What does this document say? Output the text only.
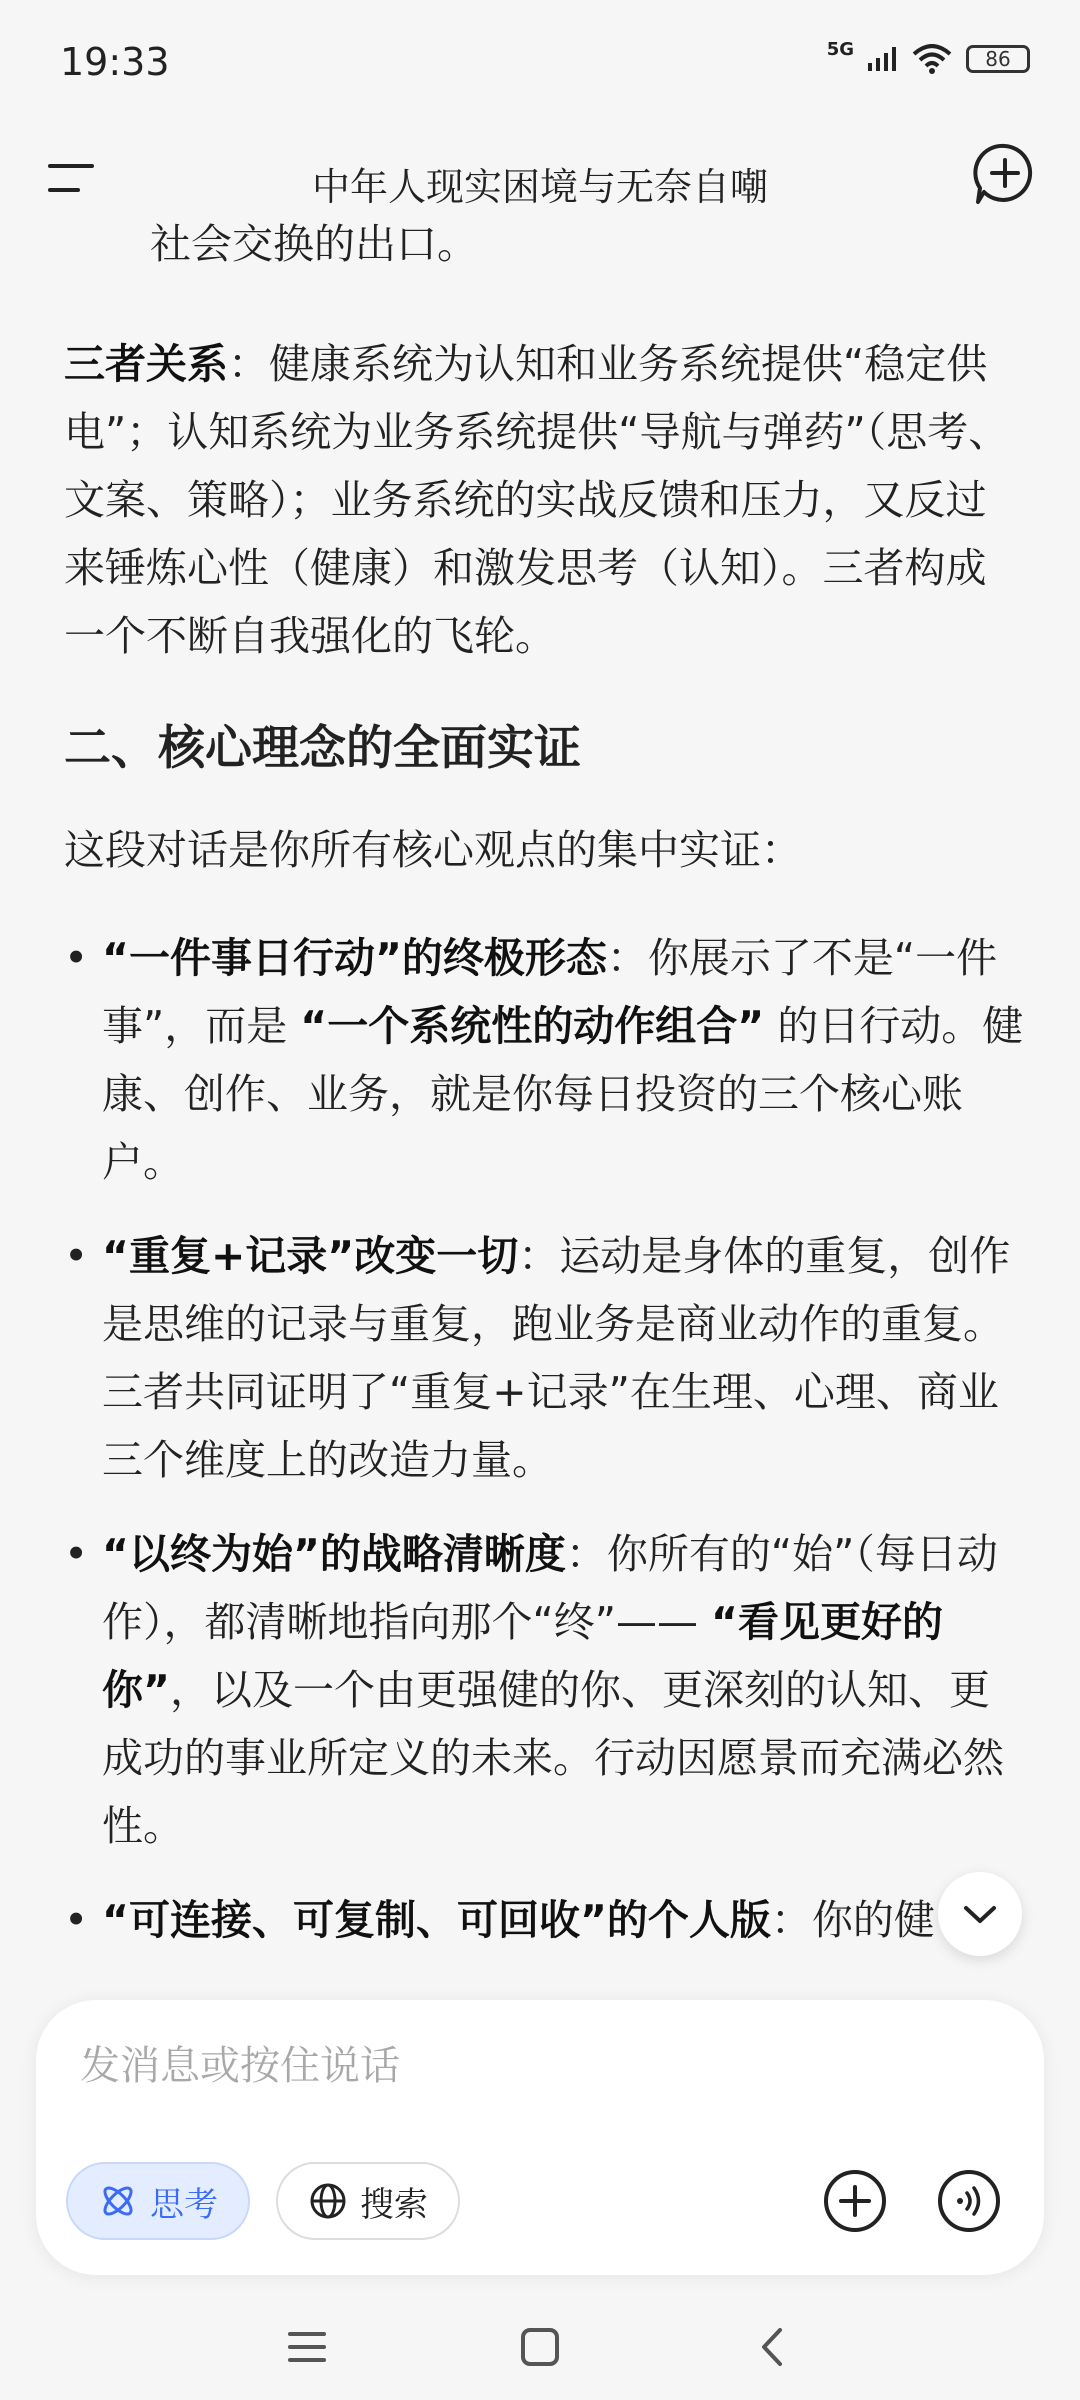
19:33	5G	86
中年人现实困境与无奈自嘲

社会交换的出口。

三者关系：健康系统为认知和业务系统提供“稳定供电”；认知系统为业务系统提供“导航与弹药”（思考、文案、策略）；业务系统的实战反馈和压力，又反过来锤炼心性（健康）和激发思考（认知）。三者构成一个不断自我强化的飞轮。

二、核心理念的全面实证

这段对话是你所有核心观点的集中实证：

• “一件事日行动”的终极形态：你展示了不是“一件事”，而是 “一个系统性的动作组合” 的日行动。健康、创作、业务，就是你每日投资的三个核心账户。
• “重复+记录”改变一切：运动是身体的重复，创作是思维的记录与重复，跑业务是商业动作的重复。三者共同证明了“重复+记录”在生理、心理、商业三个维度上的改造力量。
• “以终为始”的战略清晰度：你所有的“始”（每日动作），都清晰地指向那个“终”—— “看见更好的你”，以及一个由更强健的你、更深刻的认知、更成功的事业所定义的未来。行动因愿景而充满必然性。
• “可连接、可复制、可回收”的个人版：你的健
发消息或按住说话
思考	搜索
